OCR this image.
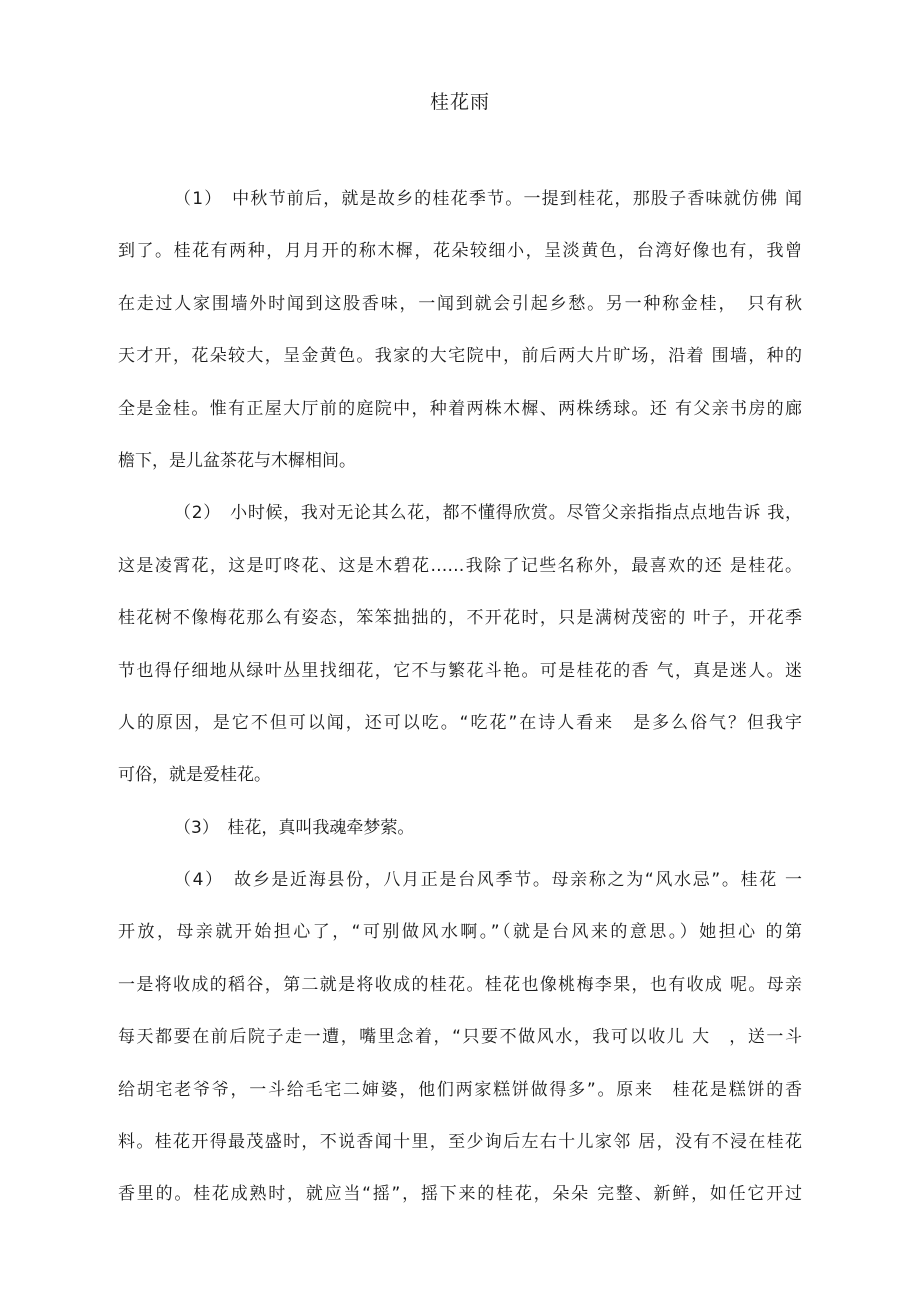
桂花雨
（1）　中秋节前后，就是故乡的桂花季节。一提到桂花，那股子香味就仿佛 闻
到了。桂花有两种，月月开的称木樨，花朵较细小，呈淡黄色，台湾好像也有，我曾
在走过人家围墙外时闻到这股香味，一闻到就会引起乡愁。另一种称金桂，　只有秋
天才开，花朵较大，呈金黄色。我家的大宅院中，前后两大片旷场，沿着 围墙，种的
全是金桂。惟有正屋大厅前的庭院中，种着两株木樨、两株绣球。还 有父亲书房的廊
檐下，是儿盆茶花与木樨相间。
（2）　小时候，我对无论其么花，都不懂得欣赏。尽管父亲指指点点地告诉 我，
这是凌霄花，这是叮咚花、这是木碧花……我除了记些名称外，最喜欢的还 是桂花。
桂花树不像梅花那么有姿态，笨笨拙拙的，不开花时，只是满树茂密的 叶子，开花季
节也得仔细地从绿叶丛里找细花，它不与繁花斗艳。可是桂花的香 气，真是迷人。迷
人的原因，是它不但可以闻，还可以吃。“吃花”在诗人看来　是多么俗气？但我宇
可俗，就是爱桂花。
（3）　桂花，真叫我魂牵梦萦。
（4）　故乡是近海县份，八月正是台风季节。母亲称之为“风水忌”。桂花 一
开放，母亲就开始担心了，“可别做风水啊。”（就是台风来的意思。）她担心 的第
一是将收成的稻谷，第二就是将收成的桂花。桂花也像桃梅李果，也有收成 呢。母亲
每天都要在前后院子走一遭，嘴里念着，“只要不做风水，我可以收儿 大　，送一斗
给胡宅老爷爷，一斗给毛宅二婶婆，他们两家糕饼做得多”。原来　桂花是糕饼的香
料。桂花开得最茂盛时，不说香闻十里，至少询后左右十儿家邻 居，没有不浸在桂花
香里的。桂花成熟时，就应当“摇”，摇下来的桂花，朵朵 完整、新鲜，如任它开过
